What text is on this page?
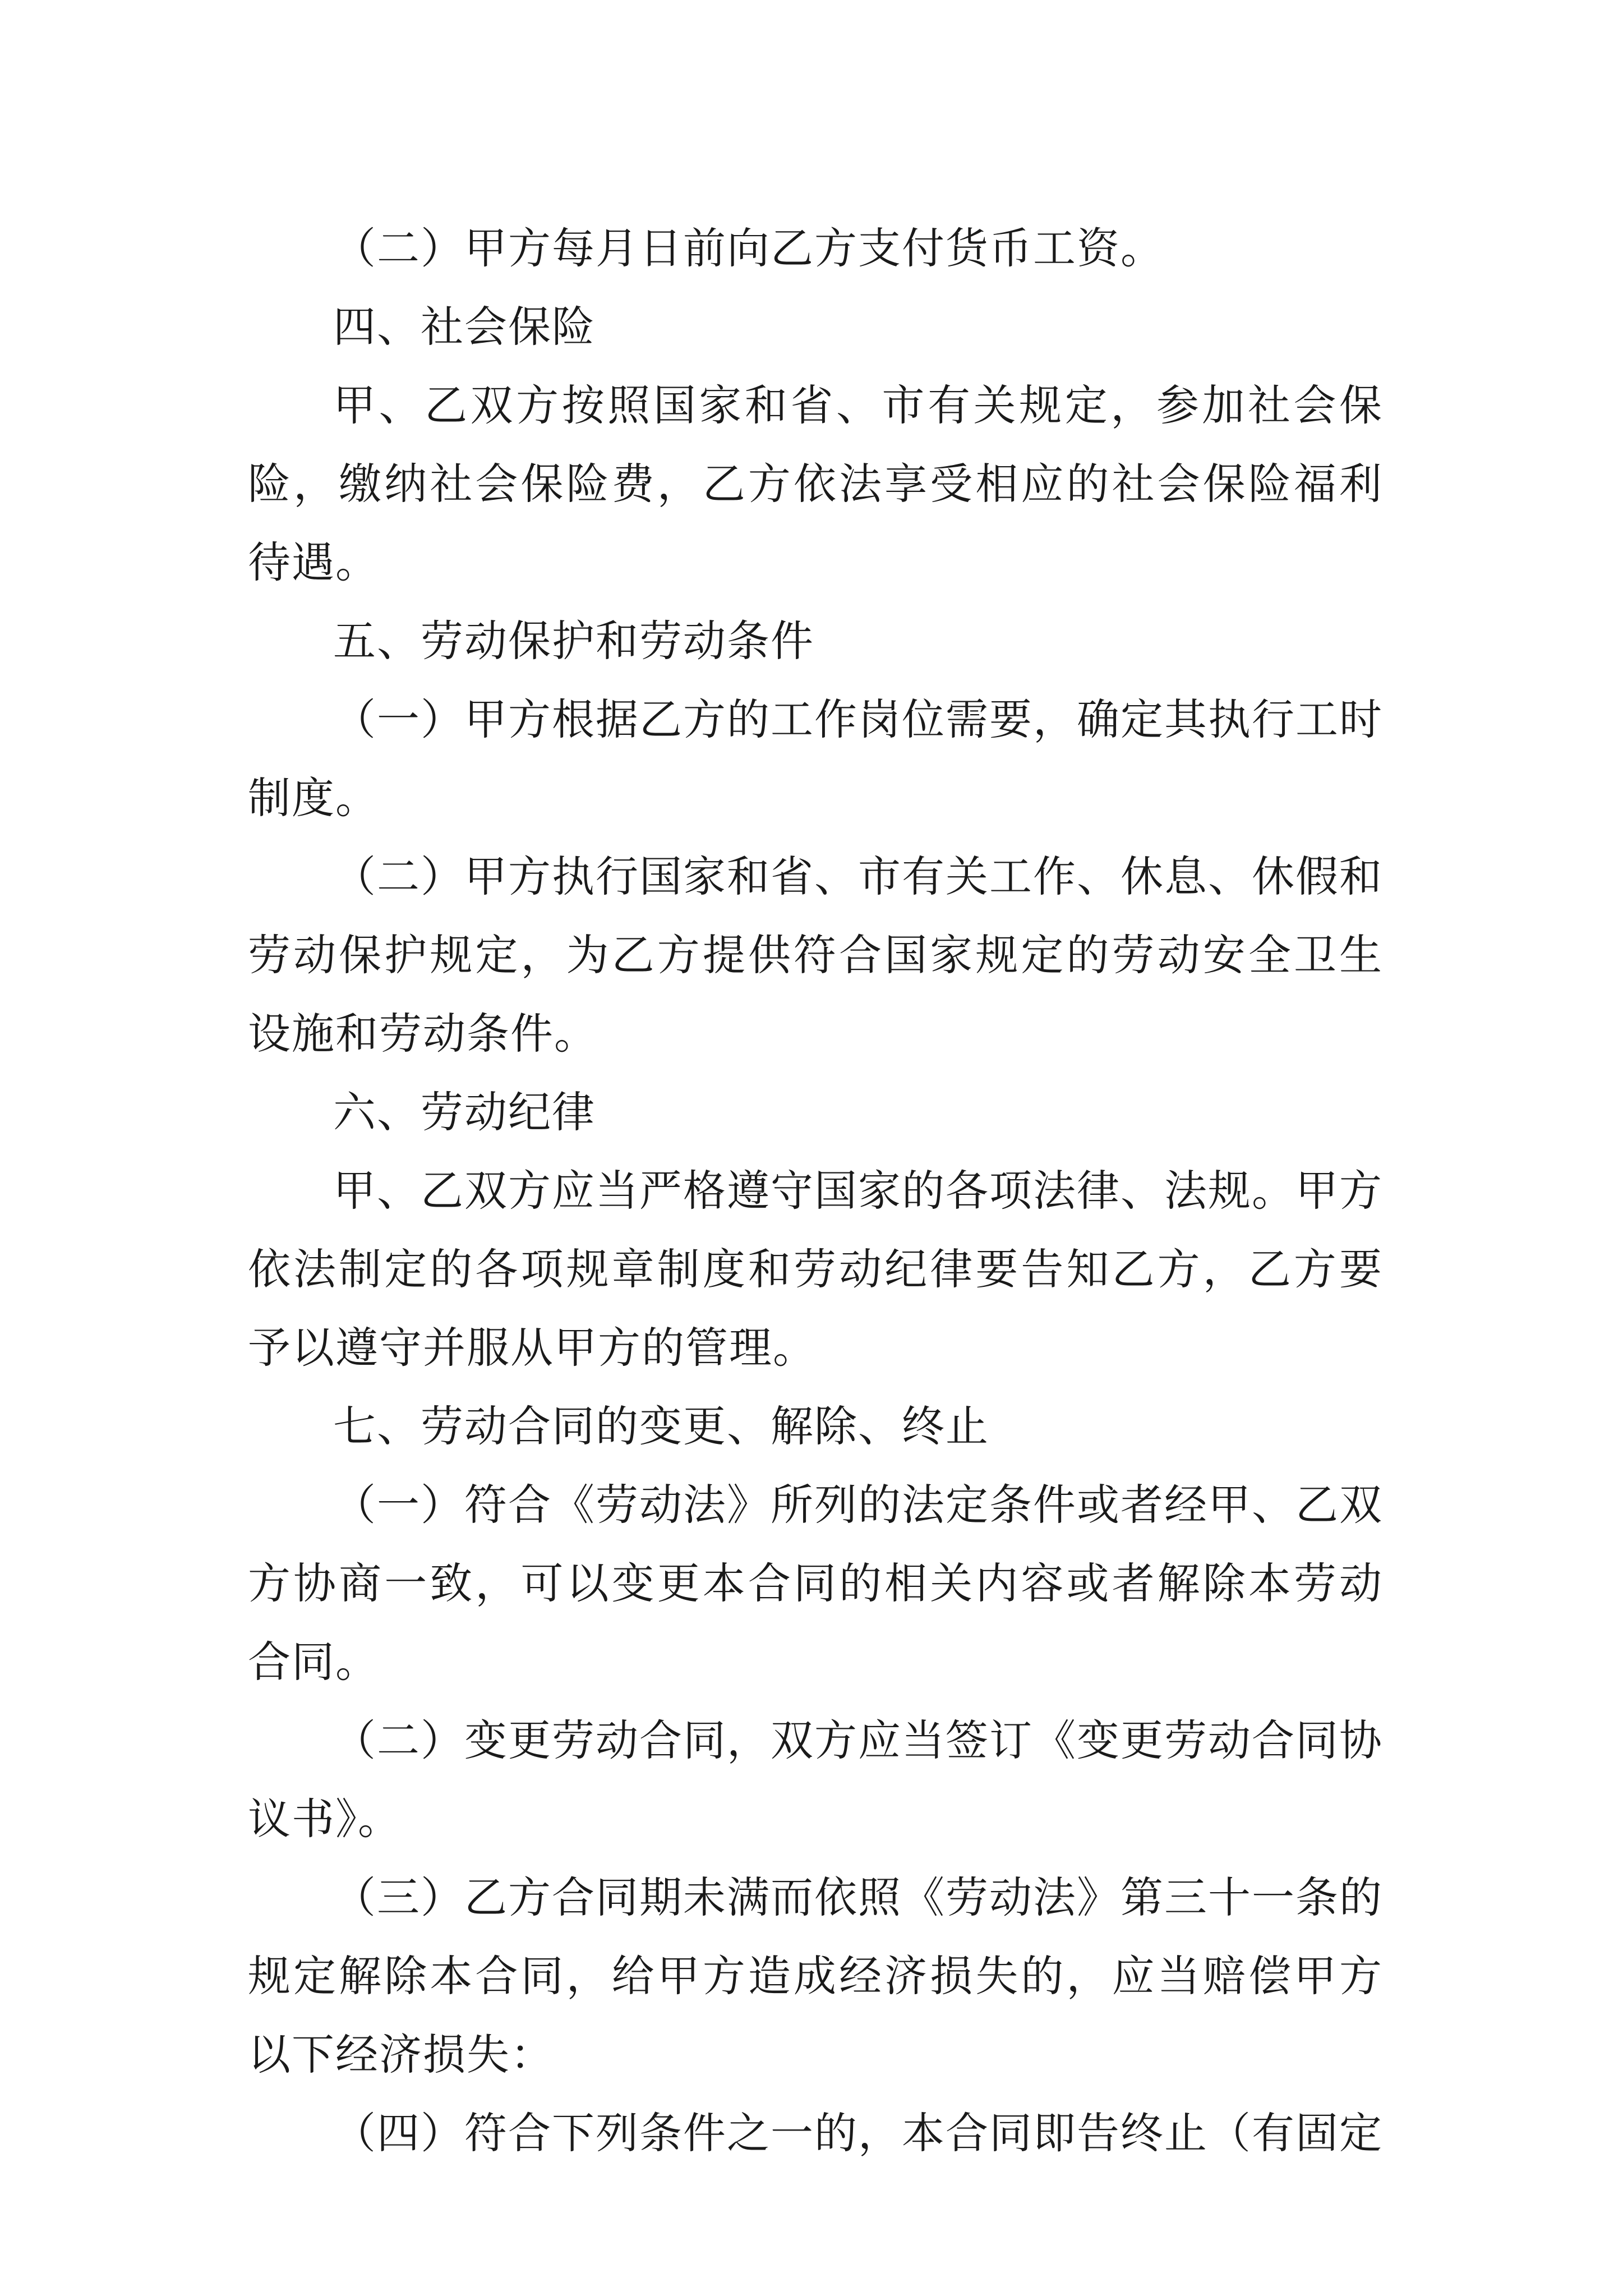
（二）甲方每月日前向乙方支付货币工资。

四、社会保险

甲、乙双方按照国家和省、市有关规定，参加社会保险，缴纳社会保险费，乙方依法享受相应的社会保险福利待遇。

五、劳动保护和劳动条件

（一）甲方根据乙方的工作岗位需要，确定其执行工时制度。

（二）甲方执行国家和省、市有关工作、休息、休假和劳动保护规定，为乙方提供符合国家规定的劳动安全卫生设施和劳动条件。

六、劳动纪律

甲、乙双方应当严格遵守国家的各项法律、法规。甲方依法制定的各项规章制度和劳动纪律要告知乙方，乙方要予以遵守并服从甲方的管理。

七、劳动合同的变更、解除、终止

（一）符合《劳动法》所列的法定条件或者经甲、乙双方协商一致，可以变更本合同的相关内容或者解除本劳动合同。

（二）变更劳动合同，双方应当签订《变更劳动合同协议书》。

（三）乙方合同期未满而依照《劳动法》第三十一条的规定解除本合同，给甲方造成经济损失的，应当赔偿甲方以下经济损失：

（四）符合下列条件之一的，本合同即告终止（有固定
